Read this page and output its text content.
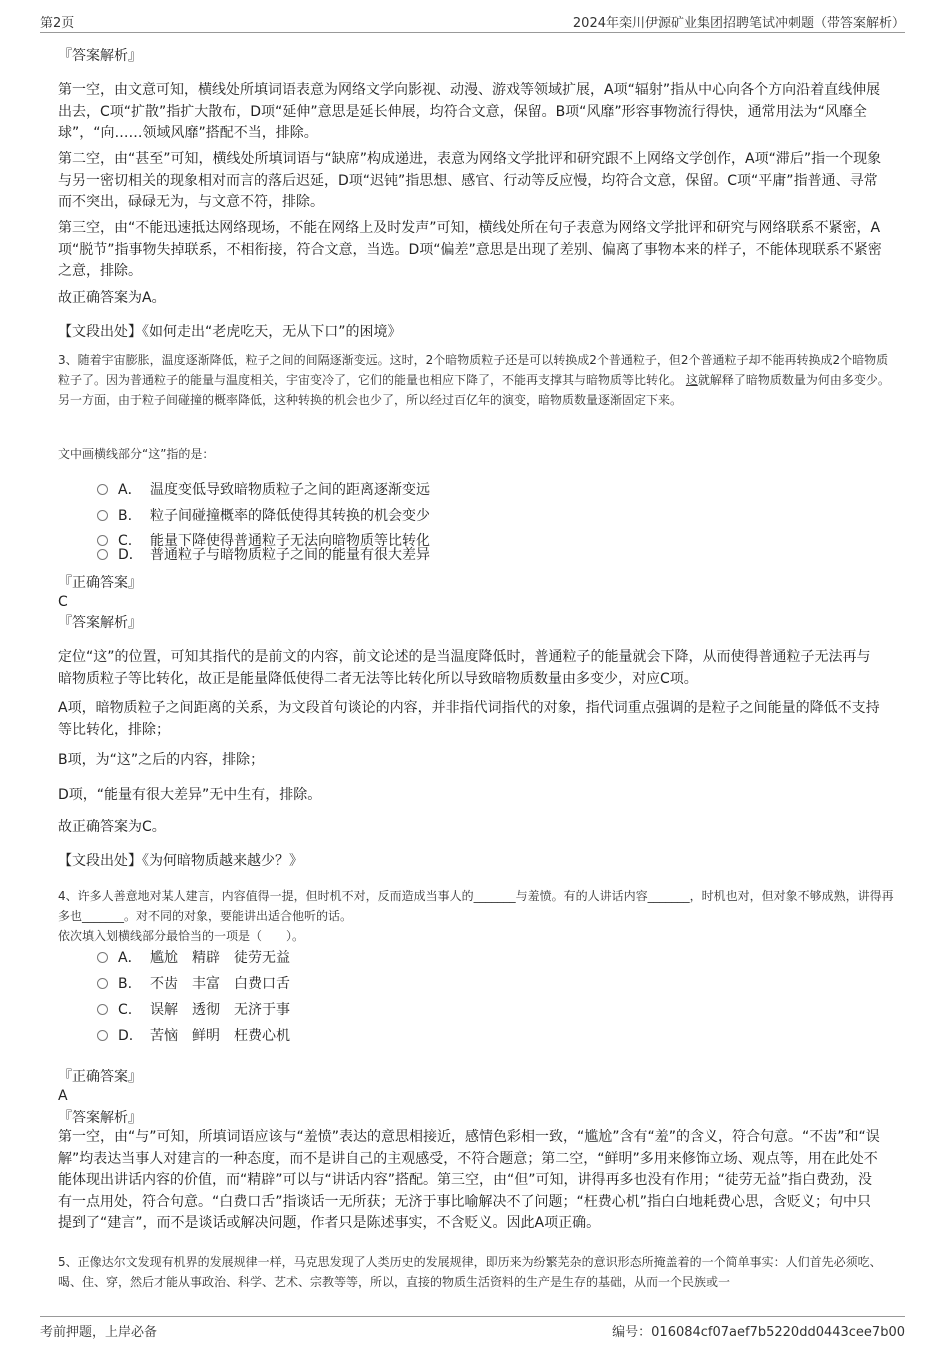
第2页	2024年栾川伊源矿业集团招聘笔试冲刺题（带答案解析）

『答案解析』

第一空，由文意可知，横线处所填词语表意为网络文学向影视、动漫、游戏等领域扩展，A项“辐射”指从中心向各个方向沿着直线伸展出去，C项“扩散”指扩大散布，D项“延伸”意思是延长伸展，均符合文意，保留。B项“风靡”形容事物流行得快，通常用法为“风靡全球”，“向……领域风靡”搭配不当，排除。

第二空，由“甚至”可知，横线处所填词语与“缺席”构成递进，表意为网络文学批评和研究跟不上网络文学创作，A项“滞后”指一个现象与另一密切相关的现象相对而言的落后迟延，D项“迟钝”指思想、感官、行动等反应慢，均符合文意，保留。C项“平庸”指普通、寻常而不突出，碌碌无为，与文意不符，排除。

第三空，由“不能迅速抵达网络现场，不能在网络上及时发声”可知，横线处所在句子表意为网络文学批评和研究与网络联系不紧密，A项“脱节”指事物失掉联系，不相衔接，符合文意，当选。D项“偏差”意思是出现了差别、偏离了事物本来的样子，不能体现联系不紧密之意，排除。

故正确答案为A。

【文段出处】《如何走出“老虎吃天，无从下口”的困境》

3、随着宇宙膨胀，温度逐渐降低，粒子之间的间隔逐渐变远。这时，2个暗物质粒子还是可以转换成2个普通粒子，但2个普通粒子却不能再转换成2个暗物质粒子了。因为普通粒子的能量与温度相关，宇宙变冷了，它们的能量也相应下降了，不能再支撑其与暗物质等比转化。 这就解释了暗物质数量为何由多变少。另一方面，由于粒子间碰撞的概率降低，这种转换的机会也少了，所以经过百亿年的演变，暗物质数量逐渐固定下来。

文中画横线部分“这”指的是：

A． 温度变低导致暗物质粒子之间的距离逐渐变远
B. 粒子间碰撞概率的降低使得其转换的机会变少
C. 能量下降使得普通粒子无法向暗物质等比转化
D． 普通粒子与暗物质粒子之间的能量有很大差异

『正确答案』

C

『答案解析』

定位“这”的位置，可知其指代的是前文的内容，前文论述的是当温度降低时，普通粒子的能量就会下降，从而使得普通粒子无法再与暗物质粒子等比转化，故正是能量降低使得二者无法等比转化所以导致暗物质数量由多变少，对应C项。

A项，暗物质粒子之间距离的关系，为文段首句谈论的内容，并非指代词指代的对象，指代词重点强调的是粒子之间能量的降低不支持等比转化，排除；

B项，为“这”之后的内容，排除；

D项，“能量有很大差异”无中生有，排除。

故正确答案为C。

【文段出处】《为何暗物质越来越少？》

4、许多人善意地对某人建言，内容值得一提，但时机不对，反而造成当事人的_______与羞愤。有的人讲话内容_______，时机也对，但对象不够成熟，讲得再多也_______。对不同的对象，要能讲出适合他听的话。

依次填入划横线部分最恰当的一项是（　　）。

A． 尴尬 精辟 徒劳无益
B. 不齿 丰富 白费口舌
C. 误解 透彻 无济于事
D. 苦恼 鲜明 枉费心机

『正确答案』

A

『答案解析』

第一空，由“与”可知，所填词语应该与“羞愤”表达的意思相接近，感情色彩相一致，“尴尬”含有“羞”的含义，符合句意。“不齿”和“误解”均表达当事人对建言的一种态度，而不是讲自己的主观感受，不符合题意；第二空，“鲜明”多用来修饰立场、观点等，用在此处不能体现出讲话内容的价值，而“精辟”可以与“讲话内容”搭配。第三空，由“但”可知，讲得再多也没有作用；“徒劳无益”指白费劲，没有一点用处，符合句意。“白费口舌”指谈话一无所获；无济于事比喻解决不了问题；“枉费心机”指白白地耗费心思，含贬义；句中只提到了“建言”，而不是谈话或解决问题，作者只是陈述事实，不含贬义。因此A项正确。

5、正像达尔文发现有机界的发展规律一样，马克思发现了人类历史的发展规律，即历来为纷繁芜杂的意识形态所掩盖着的一个简单事实：人们首先必须吃、喝、住、穿，然后才能从事政治、科学、艺术、宗教等等，所以，直接的物质生活资料的生产是生存的基础，从而一个民族或一

考前押题，上岸必备	编号：016084cf07aef7b5220dd0443cee7b00
